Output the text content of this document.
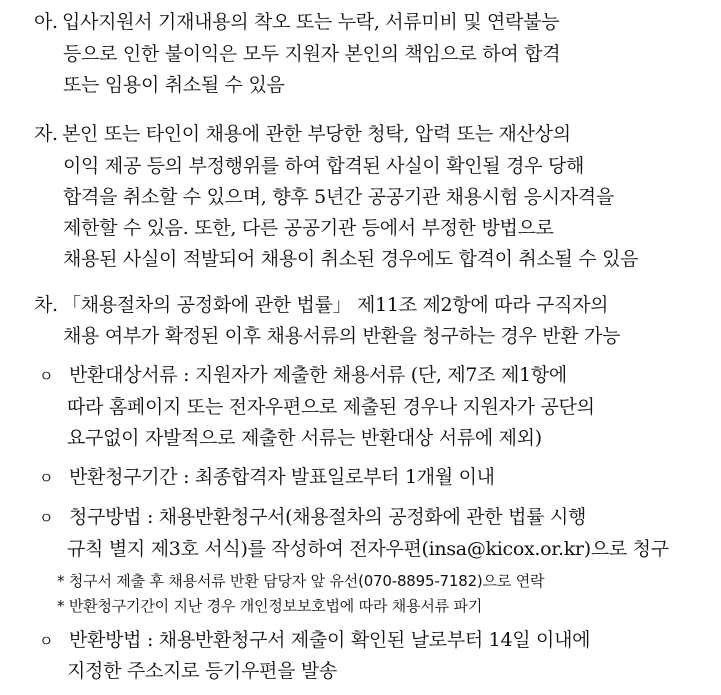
아. 입사지원서 기재내용의 착오 또는 누락, 서류미비 및 연락불능
등으로 인한 불이익은 모두 지원자 본인의 책임으로 하여 합격
또는 임용이 취소될 수 있음
자. 본인 또는 타인이 채용에 관한 부당한 청탁, 압력 또는 재산상의
이익 제공 등의 부정행위를 하여 합격된 사실이 확인될 경우 당해
합격을 취소할 수 있으며, 향후 5년간 공공기관 채용시험 응시자격을
제한할 수 있음. 또한, 다른 공공기관 등에서 부정한 방법으로
채용된 사실이 적발되어 채용이 취소된 경우에도 합격이 취소될 수 있음
차. 「채용절차의 공정화에 관한 법률」 제11조 제2항에 따라 구직자의
채용 여부가 확정된 이후 채용서류의 반환을 청구하는 경우 반환 가능
ㅇ 반환대상서류 : 지원자가 제출한 채용서류 (단, 제7조 제1항에
따라 홈페이지 또는 전자우편으로 제출된 경우나 지원자가 공단의
요구없이 자발적으로 제출한 서류는 반환대상 서류에 제외)
ㅇ 반환청구기간 : 최종합격자 발표일로부터 1개월 이내
ㅇ 청구방법 : 채용반환청구서(채용절차의 공정화에 관한 법률 시행
규칙 별지 제3호 서식)를 작성하여 전자우편(insa@kicox.or.kr)으로 청구
* 청구서 제출 후 채용서류 반환 담당자 앞 유선(070-8895-7182)으로 연락
* 반환청구기간이 지난 경우 개인정보보호법에 따라 채용서류 파기
ㅇ 반환방법 : 채용반환청구서 제출이 확인된 날로부터 14일 이내에
지정한 주소지로 등기우편을 발송
